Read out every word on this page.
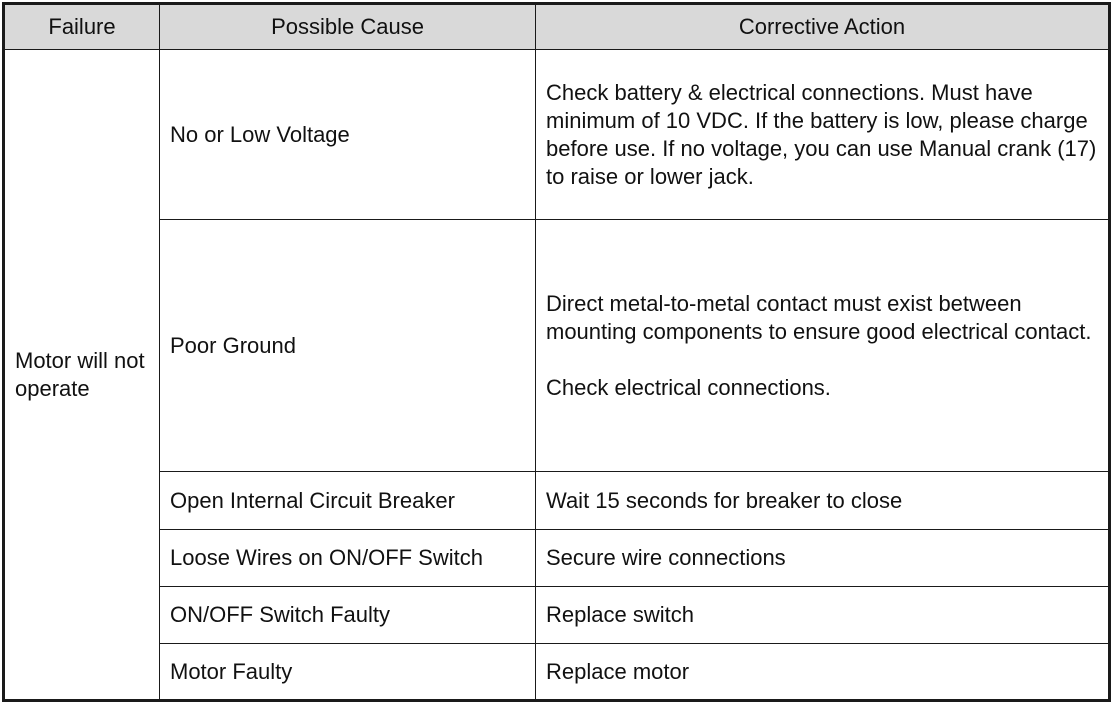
Failure	Possible Cause	Corrective Action
Motor will not operate	No or Low Voltage	Check battery & electrical connections. Must have minimum of 10 VDC. If the battery is low, please charge before use. If no voltage, you can use Manual crank (17) to raise or lower jack.
	Poor Ground	Direct metal-to-metal contact must exist between mounting components to ensure good electrical contact.
Check electrical connections.

	Open Internal Circuit Breaker	Wait 15 seconds for breaker to close
	Loose Wires on ON/OFF Switch	Secure wire connections
	ON/OFF Switch Faulty	Replace switch
	Motor Faulty	Replace motor
